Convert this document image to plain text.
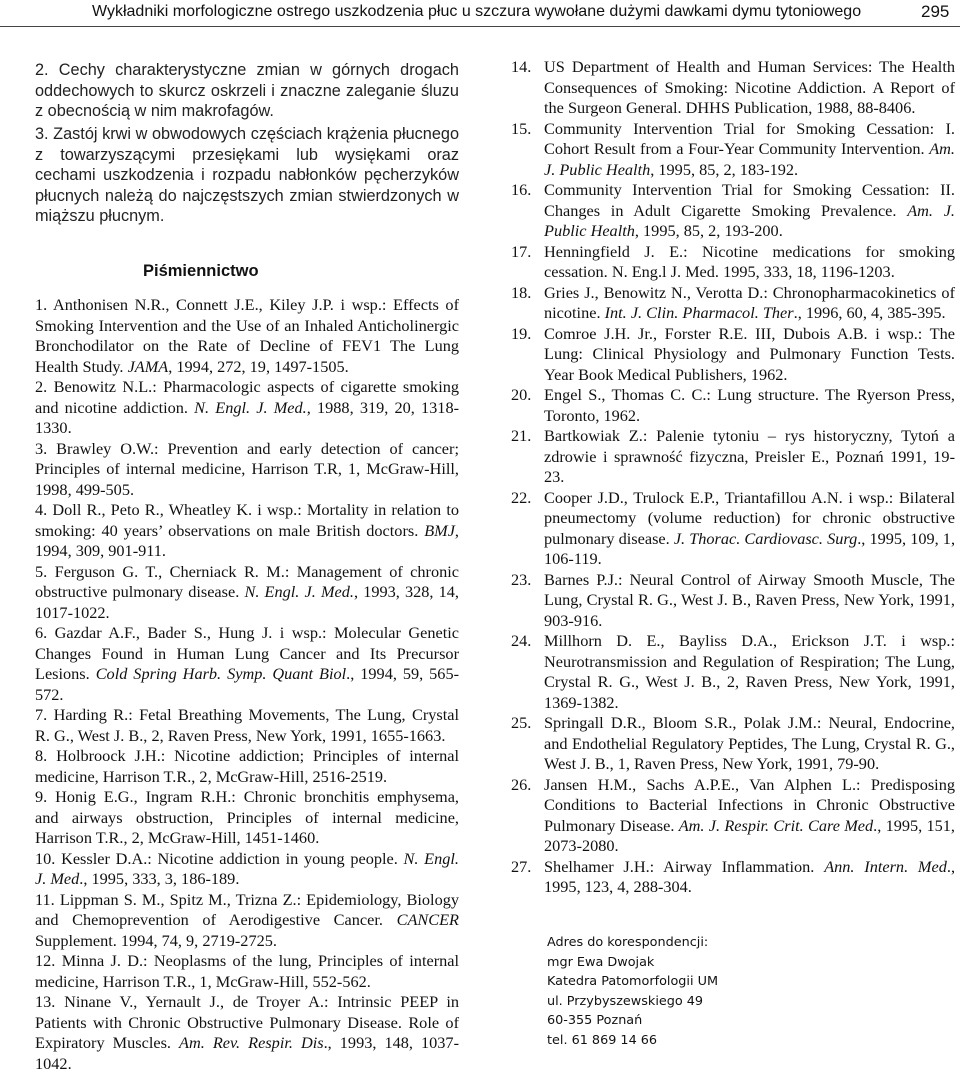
Wykładniki morfologiczne ostrego uszkodzenia płuc u szczura wywołane dużymi dawkami dymu tytoniowego	295
2. Cechy charakterystyczne zmian w górnych drogach oddechowych to skurcz oskrzeli i znaczne zaleganie śluzu z obecnością w nim makrofagów.
3. Zastój krwi w obwodowych częściach krążenia płucnego z towarzyszącymi przesiękami lub wysiękami oraz cechami uszkodzenia i rozpadu nabłonków pęcherzyków płucnych należą do najczęstszych zmian stwierdzonych w miąższu płucnym.
Piśmiennictwo
1. Anthonisen N.R., Connett J.E., Kiley J.P. i wsp.: Effects of Smoking Intervention and the Use of an Inhaled Anticholinergic Bronchodilator on the Rate of Decline of FEV1 The Lung Health Study. JAMA, 1994, 272, 19, 1497-1505.
2. Benowitz N.L.: Pharmacologic aspects of cigarette smoking and nicotine addiction. N. Engl. J. Med., 1988, 319, 20, 1318-1330.
3. Brawley O.W.: Prevention and early detection of cancer; Principles of internal medicine, Harrison T.R, 1, McGraw-Hill, 1998, 499-505.
4. Doll R., Peto R., Wheatley K. i wsp.: Mortality in relation to smoking: 40 years’ observations on male British doctors. BMJ, 1994, 309, 901-911.
5. Ferguson G. T., Cherniack R. M.: Management of chronic obstructive pulmonary disease. N. Engl. J. Med., 1993, 328, 14, 1017-1022.
6. Gazdar A.F., Bader S., Hung J. i wsp.: Molecular Genetic Changes Found in Human Lung Cancer and Its Precursor Lesions. Cold Spring Harb. Symp. Quant Biol., 1994, 59, 565-572.
7. Harding R.: Fetal Breathing Movements, The Lung, Crystal R. G., West J. B., 2, Raven Press, New York, 1991, 1655-1663.
8. Holbroock J.H.: Nicotine addiction; Principles of internal medicine, Harrison T.R., 2, McGraw-Hill, 2516-2519.
9. Honig E.G., Ingram R.H.: Chronic bronchitis emphysema, and airways obstruction, Principles of internal medicine, Harrison T.R., 2, McGraw-Hill, 1451-1460.
10. Kessler D.A.: Nicotine addiction in young people. N. Engl. J. Med., 1995, 333, 3, 186-189.
11. Lippman S. M., Spitz M., Trizna Z.: Epidemiology, Biology and Chemoprevention of Aerodigestive Cancer. CANCER Supplement. 1994, 74, 9, 2719-2725.
12. Minna J. D.: Neoplasms of the lung, Principles of internal medicine, Harrison T.R., 1, McGraw-Hill, 552-562.
13. Ninane V., Yernault J., de Troyer A.: Intrinsic PEEP in Patients with Chronic Obstructive Pulmonary Disease. Role of Expiratory Muscles. Am. Rev. Respir. Dis., 1993, 148, 1037-1042.
14. US Department of Health and Human Services: The Health Consequences of Smoking: Nicotine Addiction. A Report of the Surgeon General. DHHS Publication, 1988, 88-8406.
15. Community Intervention Trial for Smoking Cessation: I. Cohort Result from a Four-Year Community Intervention. Am. J. Public Health, 1995, 85, 2, 183-192.
16. Community Intervention Trial for Smoking Cessation: II. Changes in Adult Cigarette Smoking Prevalence. Am. J. Public Health, 1995, 85, 2, 193-200.
17. Henningfield J. E.: Nicotine medications for smoking cessation. N. Eng.l J. Med. 1995, 333, 18, 1196-1203.
18. Gries J., Benowitz N., Verotta D.: Chronopharmacokinetics of nicotine. Int. J. Clin. Pharmacol. Ther., 1996, 60, 4, 385-395.
19. Comroe J.H. Jr., Forster R.E. III, Dubois A.B. i wsp.: The Lung: Clinical Physiology and Pulmonary Function Tests. Year Book Medical Publishers, 1962.
20. Engel S., Thomas C. C.: Lung structure. The Ryerson Press, Toronto, 1962.
21. Bartkowiak Z.: Palenie tytoniu – rys historyczny, Tytoń a zdrowie i sprawność fizyczna, Preisler E., Poznań 1991, 19-23.
22. Cooper J.D., Trulock E.P., Triantafillou A.N. i wsp.: Bilateral pneumectomy (volume reduction) for chronic obstructive pulmonary disease. J. Thorac. Cardiovasc. Surg., 1995, 109, 1, 106-119.
23. Barnes P.J.: Neural Control of Airway Smooth Muscle, The Lung, Crystal R. G., West J. B., Raven Press, New York, 1991, 903-916.
24. Millhorn D. E., Bayliss D.A., Erickson J.T. i wsp.: Neurotransmission and Regulation of Respiration; The Lung, Crystal R. G., West J. B., 2, Raven Press, New York, 1991, 1369-1382.
25. Springall D.R., Bloom S.R., Polak J.M.: Neural, Endocrine, and Endothelial Regulatory Peptides, The Lung, Crystal R. G., West J. B., 1, Raven Press, New York, 1991, 79-90.
26. Jansen H.M., Sachs A.P.E., Van Alphen L.: Predisposing Conditions to Bacterial Infections in Chronic Obstructive Pulmonary Disease. Am. J. Respir. Crit. Care Med., 1995, 151, 2073-2080.
27. Shelhamer J.H.: Airway Inflammation. Ann. Intern. Med., 1995, 123, 4, 288-304.
Adres do korespondencji:
mgr Ewa Dwojak
Katedra Patomorfologii UM
ul. Przybyszewskiego 49
60-355 Poznań
tel. 61 869 14 66
